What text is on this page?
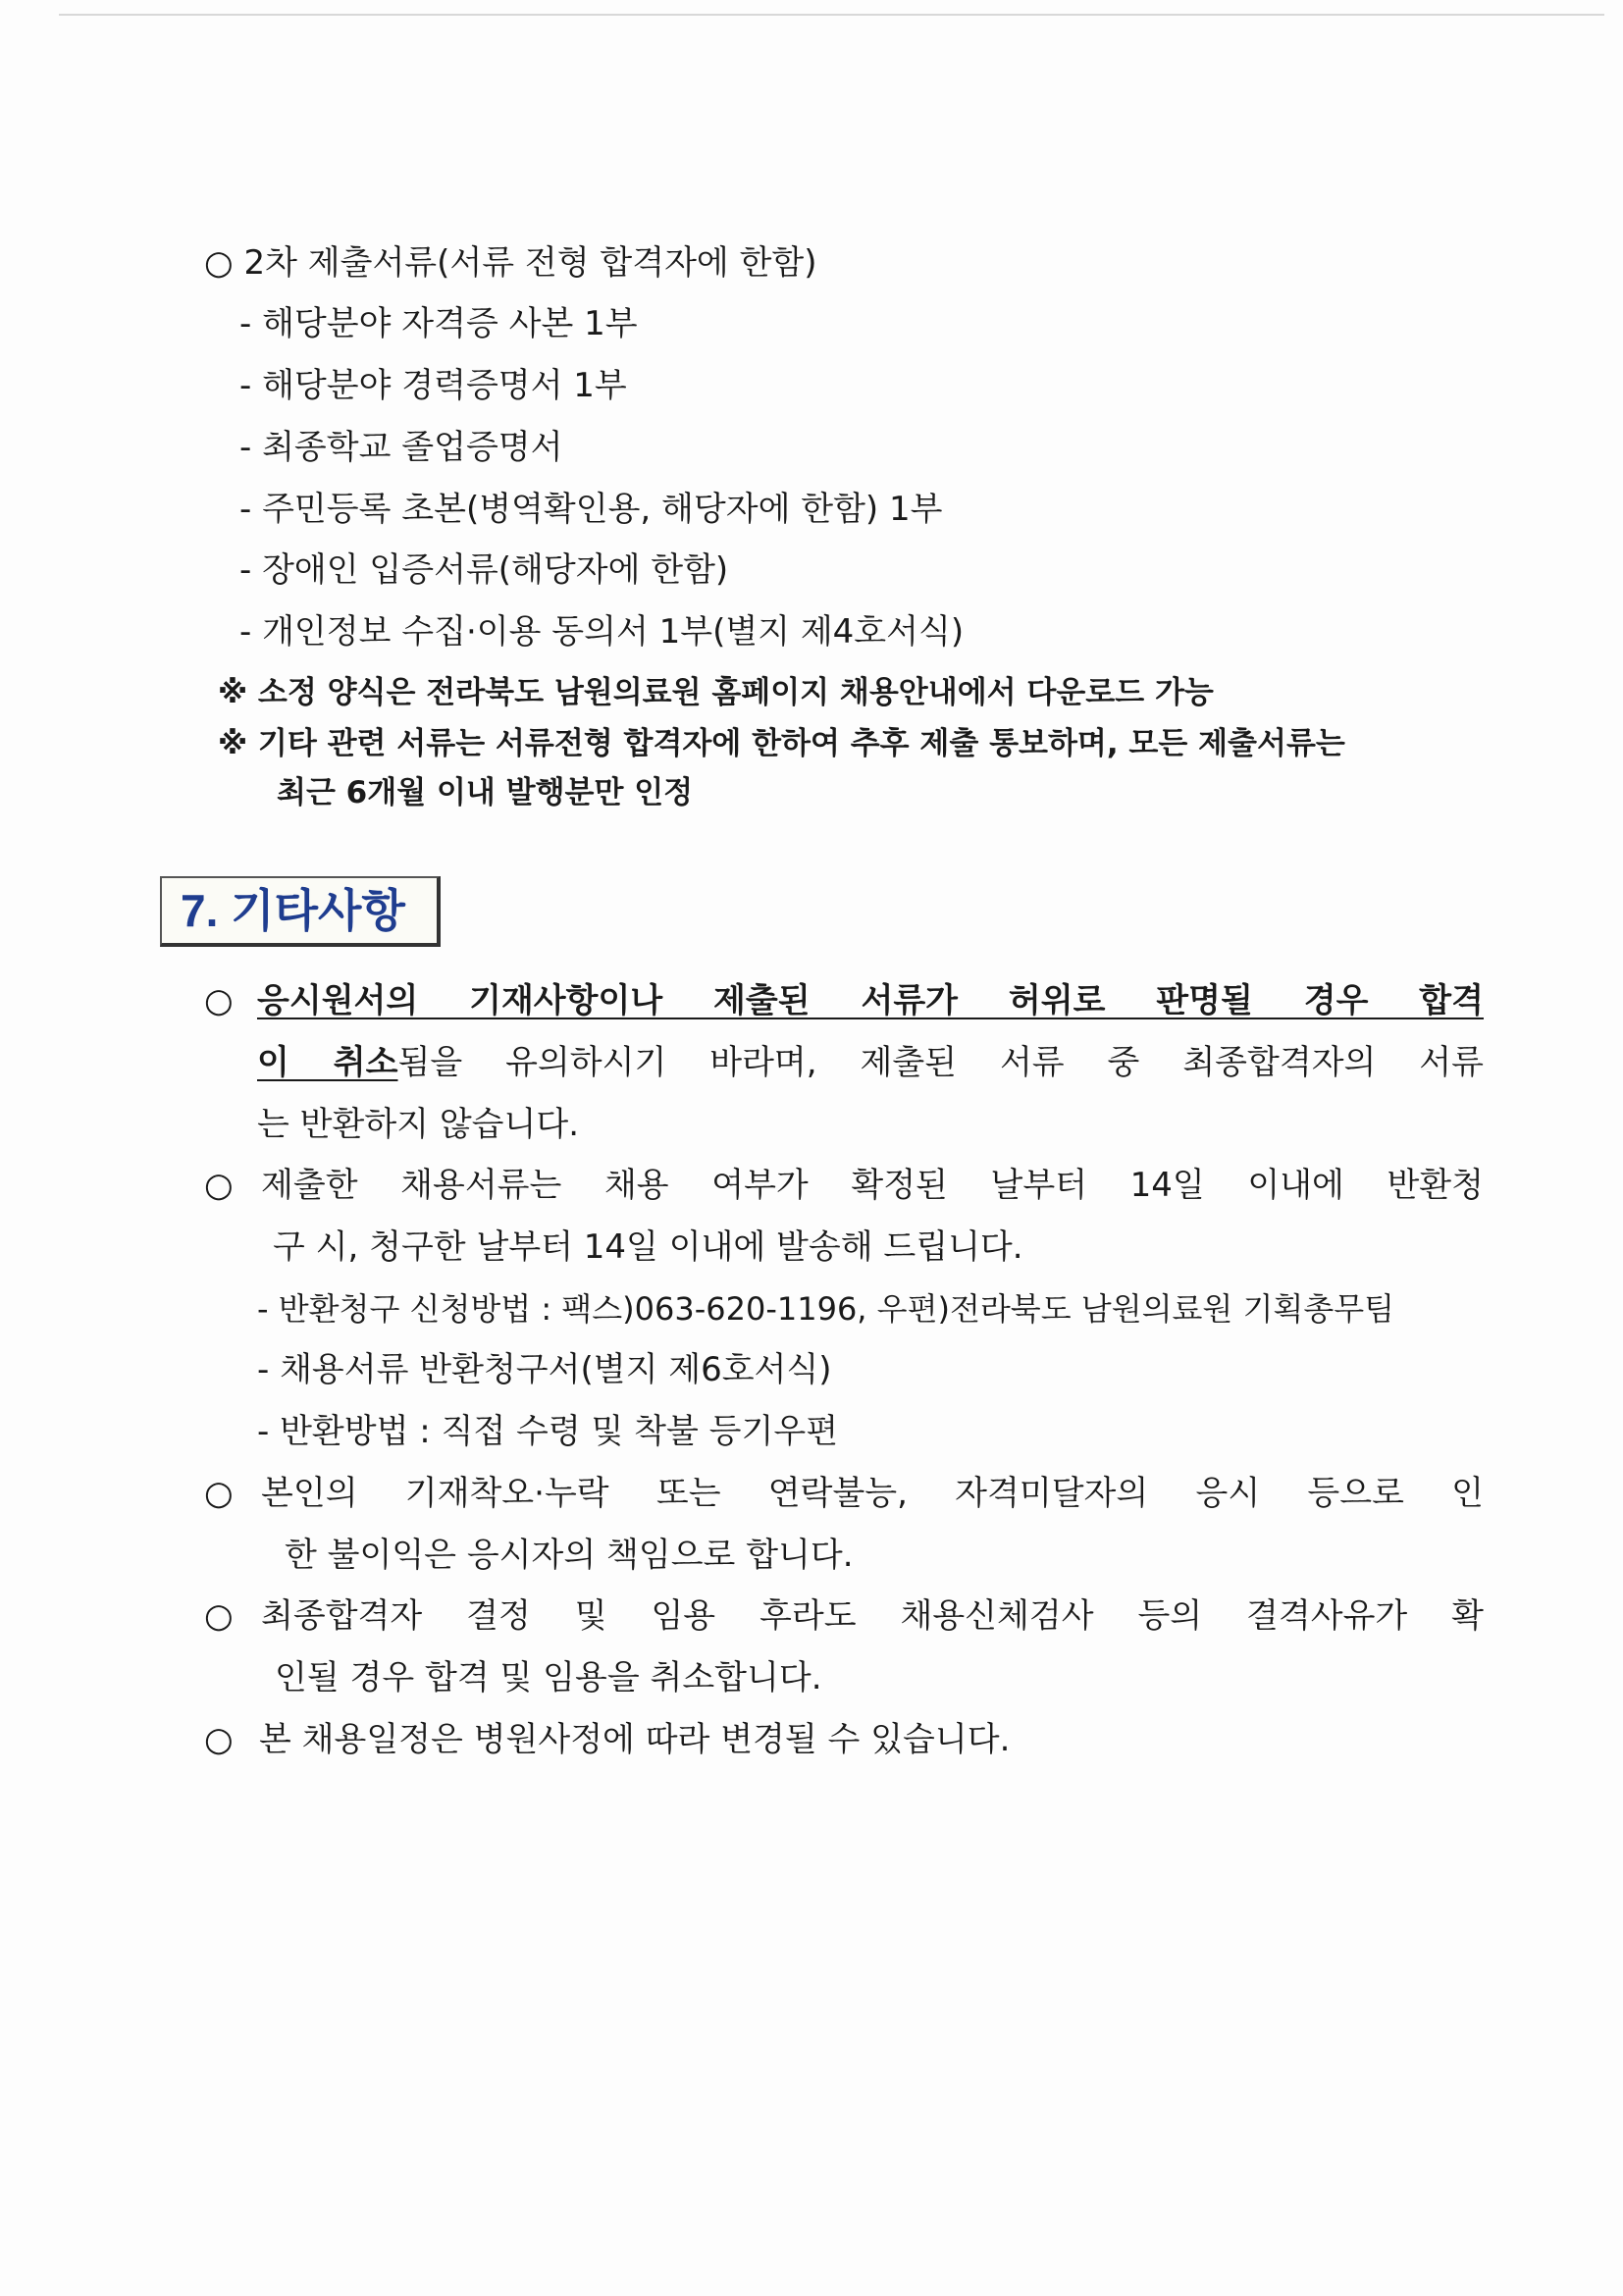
○ 2차 제출서류(서류 전형 합격자에 한함)
- 해당분야 자격증 사본 1부
- 해당분야 경력증명서 1부
- 최종학교 졸업증명서
- 주민등록 초본(병역확인용, 해당자에 한함) 1부
- 장애인 입증서류(해당자에 한함)
- 개인정보 수집·이용 동의서 1부(별지 제4호서식)
※ 소정 양식은 전라북도 남원의료원 홈페이지 채용안내에서 다운로드 가능
※ 기타 관련 서류는 서류전형 합격자에 한하여 추후 제출 통보하며, 모든 제출서류는
최근 6개월 이내 발행분만 인정
7. 기타사항
○ 응시원서의 기재사항이나 제출된 서류가 허위로 판명될 경우 합격
이 취소됨을 유의하시기 바라며, 제출된 서류 중 최종합격자의 서류
는 반환하지 않습니다.
○ 제출한 채용서류는 채용 여부가 확정된 날부터 14일 이내에 반환청
구 시, 청구한 날부터 14일 이내에 발송해 드립니다.
- 반환청구 신청방법 : 팩스)063-620-1196, 우편)전라북도 남원의료원 기획총무팀
- 채용서류 반환청구서(별지 제6호서식)
- 반환방법 : 직접 수령 및 착불 등기우편
○ 본인의 기재착오·누락 또는 연락불능, 자격미달자의 응시 등으로 인
한 불이익은 응시자의 책임으로 합니다.
○ 최종합격자 결정 및 임용 후라도 채용신체검사 등의 결격사유가 확
인될 경우 합격 및 임용을 취소합니다.
○ 본 채용일정은 병원사정에 따라 변경될 수 있습니다.
